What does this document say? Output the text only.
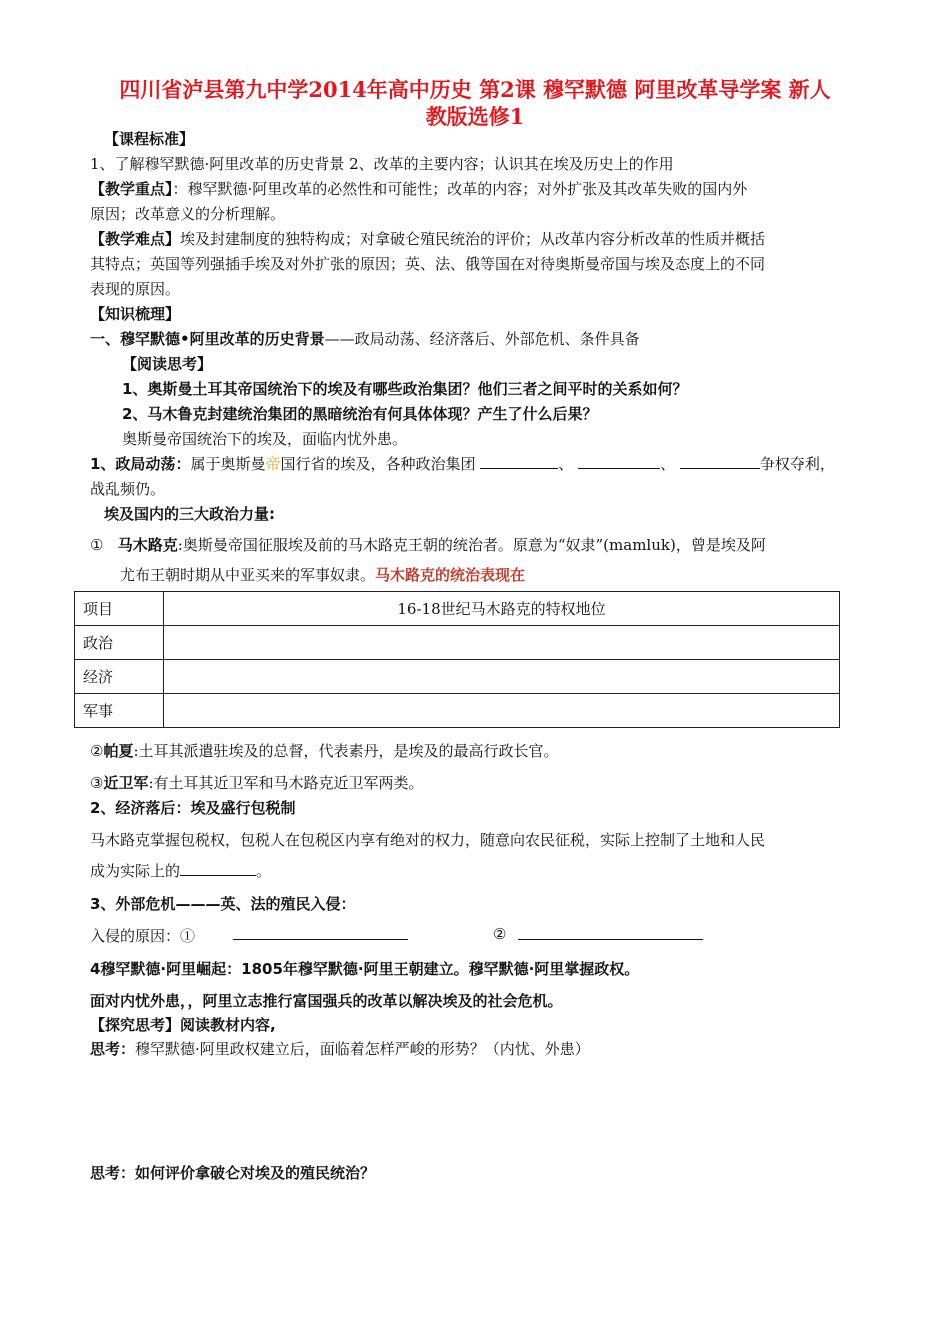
四川省泸县第九中学2014年高中历史 第2课 穆罕默德 阿里改革导学案 新人
教版选修1
【课程标准】
1、了解穆罕默德·阿里改革的历史背景 2、改革的主要内容；认识其在埃及历史上的作用
【教学重点】：穆罕默德·阿里改革的必然性和可能性；改革的内容；对外扩张及其改革失败的国内外
原因；改革意义的分析理解。
【教学难点】埃及封建制度的独特构成；对拿破仑殖民统治的评价；从改革内容分析改革的性质并概括
其特点；英国等列强插手埃及对外扩张的原因；英、法、俄等国在对待奥斯曼帝国与埃及态度上的不同
表现的原因。
【知识梳理】
一、穆罕默德•阿里改革的历史背景——政局动荡、经济落后、外部危机、条件具备
【阅读思考】
1、奥斯曼土耳其帝国统治下的埃及有哪些政治集团？他们三者之间平时的关系如何？
2、马木鲁克封建统治集团的黑暗统治有何具体体现？产生了什么后果？
奥斯曼帝国统治下的埃及，面临内忧外患。
1、政局动荡：属于奥斯曼帝国行省的埃及，各种政治集团	、	、	争权夺利，
战乱频仍。
埃及国内的三大政治力量:
① 马木路克:奥斯曼帝国征服埃及前的马木路克王朝的统治者。原意为“奴隶”(mamluk)，曾是埃及阿
尤布王朝时期从中亚买来的军事奴隶。马木路克的统治表现在
项目	16-18世纪马木路克的特权地位
政治	
经济	
军事	
②帕夏:土耳其派遣驻埃及的总督，代表素丹，是埃及的最高行政长官。
③近卫军:有土耳其近卫军和马木路克近卫军两类。
2、经济落后：埃及盛行包税制
马木路克掌握包税权，包税人在包税区内享有绝对的权力，随意向农民征税，实际上控制了土地和人民
成为实际上的	。
3、外部危机———英、法的殖民入侵：
入侵的原因：①	②
4穆罕默德·阿里崛起：1805年穆罕默德·阿里王朝建立。穆罕默德·阿里掌握政权。
面对内忧外患，，阿里立志推行富国强兵的改革以解决埃及的社会危机。
【探究思考】阅读教材内容,
思考：穆罕默德·阿里政权建立后，面临着怎样严峻的形势？（内忧、外患）
思考：如何评价拿破仑对埃及的殖民统治？
